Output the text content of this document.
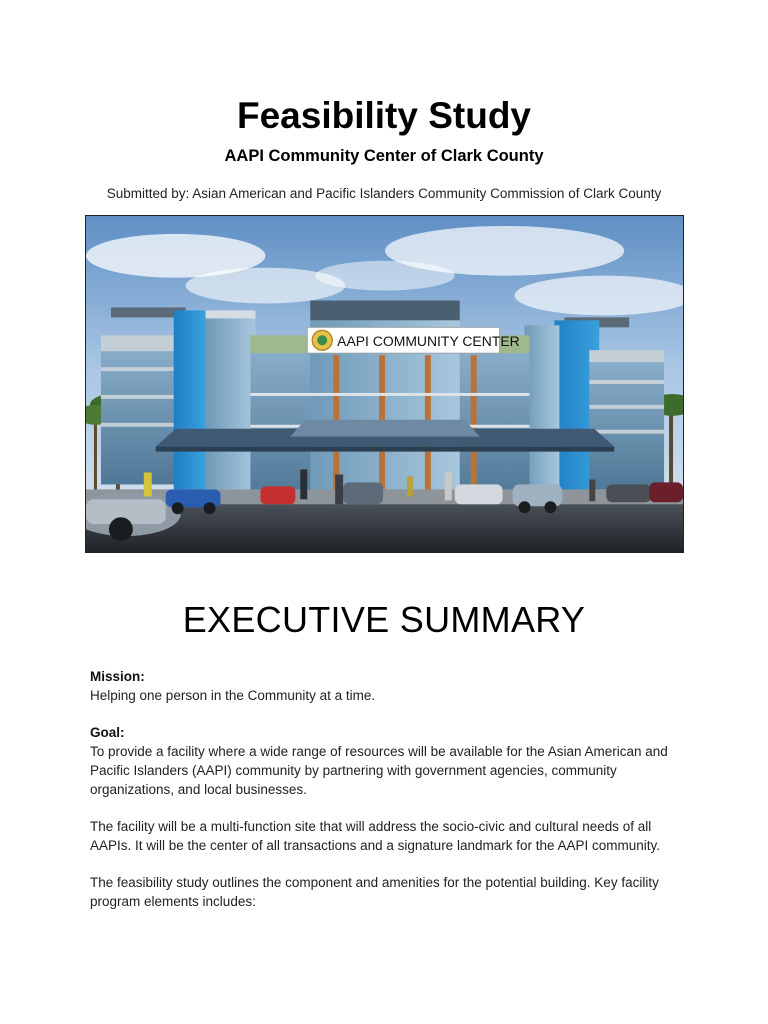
Feasibility Study
AAPI Community Center of Clark County
Submitted by: Asian American and Pacific Islanders Community Commission of Clark County
AAPI COMMUNITY CENTER
EXECUTIVE SUMMARY

Mission:

Helping one person in the Community at a time.

Goal:

To provide a facility where a wide range of resources will be available for the Asian American and Pacific Islanders (AAPI) community by partnering with government agencies, community organizations, and local businesses.

The facility will be a multi-function site that will address the socio-civic and cultural needs of all AAPIs. It will be the center of all transactions and a signature landmark for the AAPI community.
The feasibility study outlines the component and amenities for the potential building. Key facility program elements includes:
